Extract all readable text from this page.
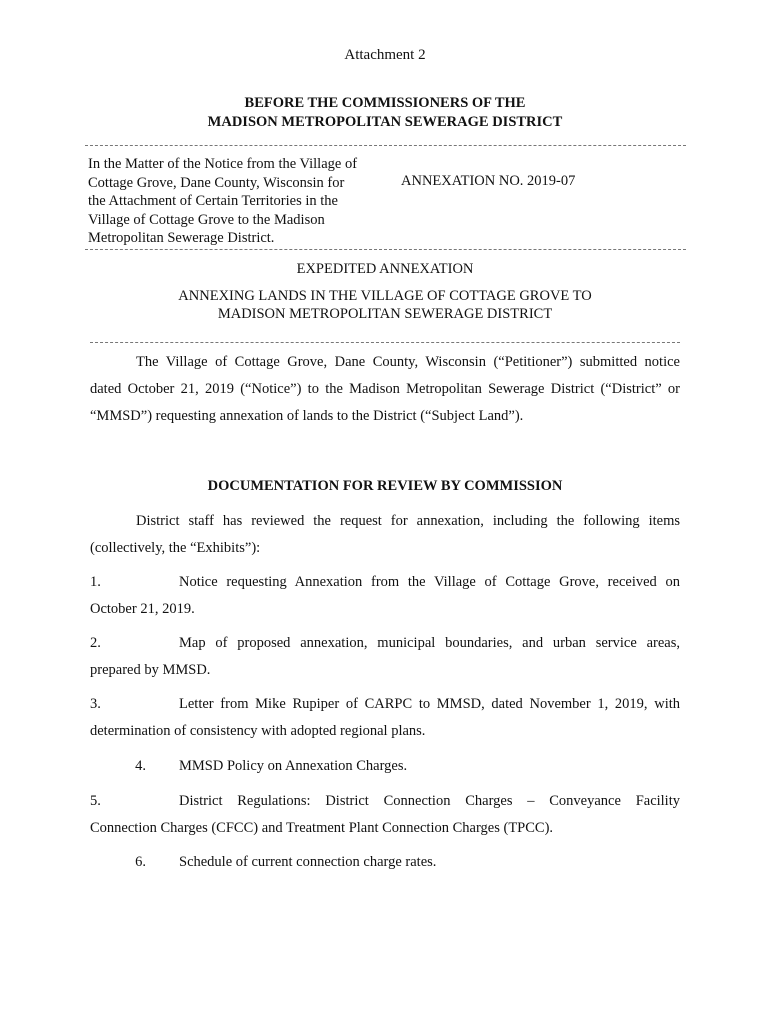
Attachment 2
BEFORE THE COMMISSIONERS OF THE
MADISON METROPOLITAN SEWERAGE DISTRICT
In the Matter of the Notice from the Village of
Cottage Grove, Dane County, Wisconsin for
the Attachment of Certain Territories in the
Village of Cottage Grove to the Madison
Metropolitan Sewerage District.
ANNEXATION NO. 2019-07
EXPEDITED ANNEXATION
ANNEXING LANDS IN THE VILLAGE OF COTTAGE GROVE TO
MADISON METROPOLITAN SEWERAGE DISTRICT
The Village of Cottage Grove, Dane County, Wisconsin (“Petitioner”) submitted notice
dated October 21, 2019 (“Notice”) to the Madison Metropolitan Sewerage District (“District” or
“MMSD”) requesting annexation of lands to the District (“Subject Land”).
DOCUMENTATION FOR REVIEW BY COMMISSION
District staff has reviewed the request for annexation, including the following items
(collectively, the “Exhibits”):
1.	Notice requesting Annexation from the Village of Cottage Grove, received on
October 21, 2019.
2.	Map of proposed annexation, municipal boundaries, and urban service areas,
prepared by MMSD.
3.	Letter from Mike Rupiper of CARPC to MMSD, dated November 1, 2019, with
determination of consistency with adopted regional plans.
4. MMSD Policy on Annexation Charges.
5.	District Regulations: District Connection Charges – Conveyance Facility
Connection Charges (CFCC) and Treatment Plant Connection Charges (TPCC).
6. Schedule of current connection charge rates.
